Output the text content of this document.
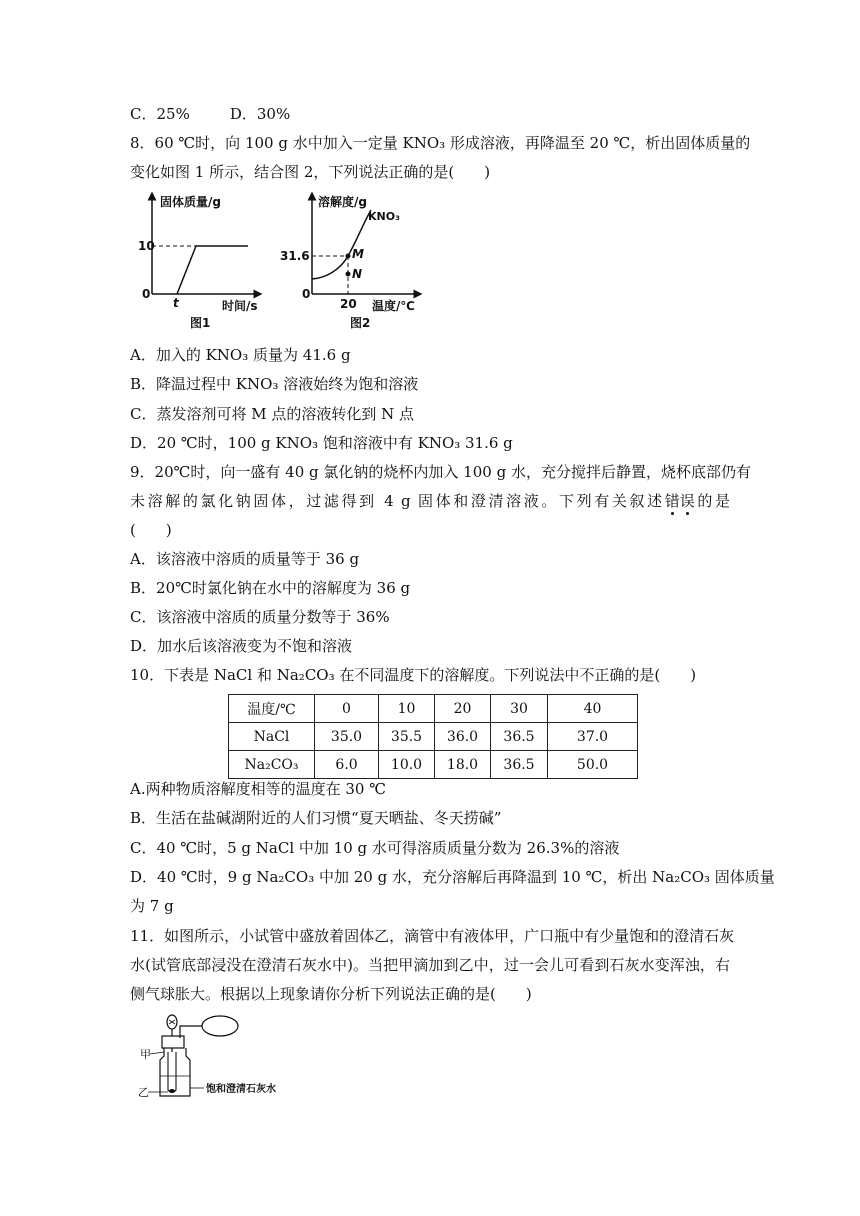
C．25%	D．30%
8．60 ℃时，向 100 g 水中加入一定量 KNO₃ 形成溶液，再降温至 20 ℃，析出固体质量的
变化如图 1 所示，结合图 2，下列说法正确的是(　　)
固体质量/g
10
0
t	时间/s
图1
溶解度/g
KNO₃
31.6	M
N
0
20 温度/℃
图2
A．加入的 KNO₃ 质量为 41.6 g
B．降温过程中 KNO₃ 溶液始终为饱和溶液
C．蒸发溶剂可将 M 点的溶液转化到 N 点
D．20 ℃时，100 g KNO₃ 饱和溶液中有 KNO₃ 31.6 g
9．20℃时，向一盛有 40 g 氯化钠的烧杯内加入 100 g 水，充分搅拌后静置，烧杯底部仍有
未溶解的氯化钠固体，过滤得到 4 g 固体和澄清溶液。下列有关叙述错误的是
(　　)
A．该溶液中溶质的质量等于 36 g
B．20℃时氯化钠在水中的溶解度为 36 g
C．该溶液中溶质的质量分数等于 36%
D．加水后该溶液变为不饱和溶液
10．下表是 NaCl 和 Na₂CO₃ 在不同温度下的溶解度。下列说法中不正确的是(　　)
温度/℃	0	10	20	30	40
NaCl	35.0	35.5	36.0	36.5	37.0
Na₂CO₃	6.0	10.0	18.0	36.5	50.0
A.两种物质溶解度相等的温度在 30 ℃
B．生活在盐碱湖附近的人们习惯“夏天晒盐、冬天捞碱”
C．40 ℃时，5 g NaCl 中加 10 g 水可得溶质质量分数为 26.3%的溶液
D．40 ℃时，9 g Na₂CO₃ 中加 20 g 水，充分溶解后再降温到 10 ℃，析出 Na₂CO₃ 固体质量
为 7 g
11．如图所示，小试管中盛放着固体乙，滴管中有液体甲，广口瓶中有少量饱和的澄清石灰
水(试管底部浸没在澄清石灰水中)。当把甲滴加到乙中，过一会儿可看到石灰水变浑浊，右
侧气球胀大。根据以上现象请你分析下列说法正确的是(　　)
甲
乙	饱和澄清石灰水
